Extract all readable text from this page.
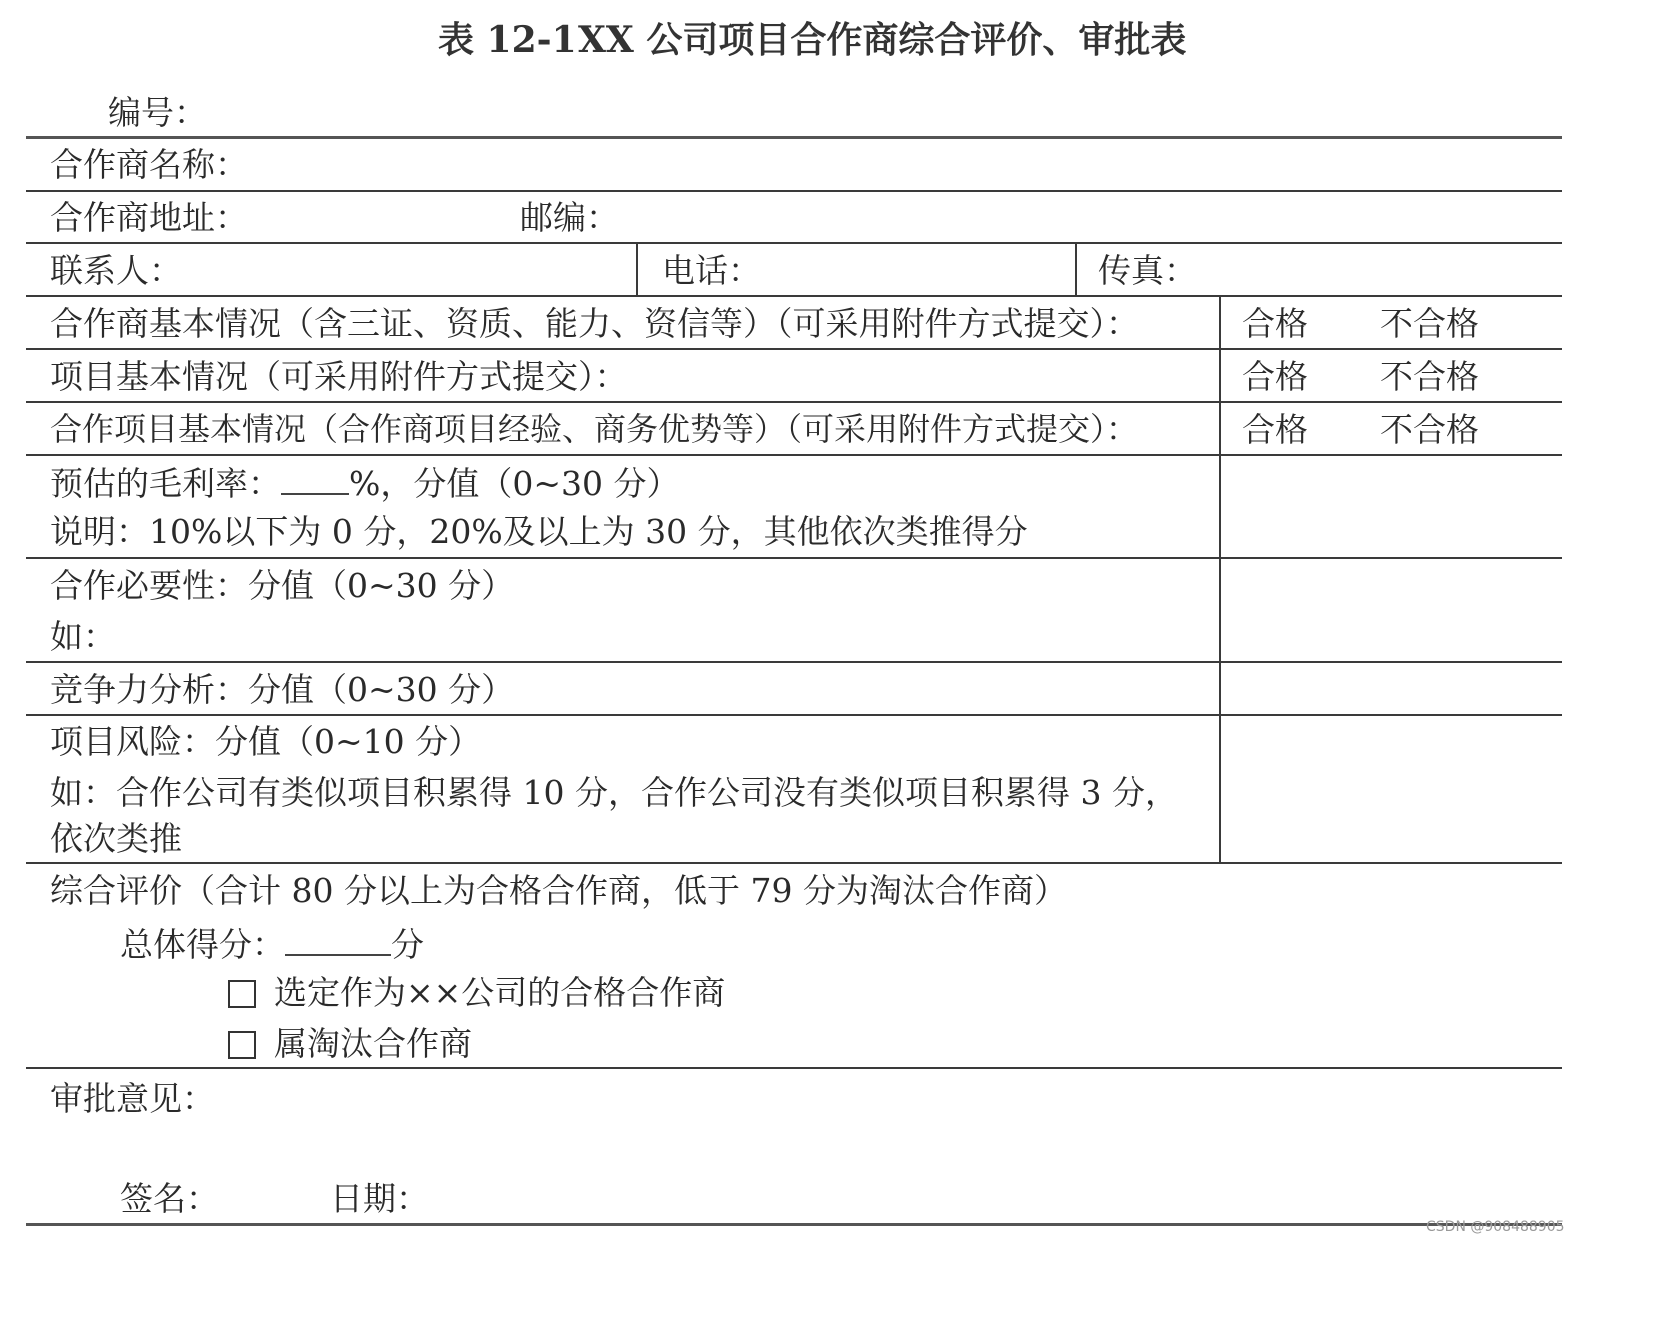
表 12-1 XX 公司项目合作商综合评价、审批表
编号：
合作商名称：
合作商地址：	邮编：
联系人：	电话：	传真：
合作商基本情况（含三证、资质、能力、资信等）（可采用附件方式提交）：	合格 不合格
项目基本情况（可采用附件方式提交）：	合格 不合格
合作项目基本情况（合作商项目经验、商务优势等）（可采用附件方式提交）：	合格 不合格
预估的毛利率： %，分值（0~30 分）
说明：10%以下为 0 分，20%及以上为 30 分，其他依次类推得分
合作必要性：分值（0~30 分）
如：
竞争力分析：分值（0~30 分）
项目风险：分值（0~10 分）
如：合作公司有类似项目积累得 10 分，合作公司没有类似项目积累得 3 分，
依次类推
综合评价（合计 80 分以上为合格合作商，低于 79 分为淘汰合作商）
总体得分：	分
选定作为××公司的合格合作商
属淘汰合作商
审批意见：
签名：	日期：
CSDN @908488905
